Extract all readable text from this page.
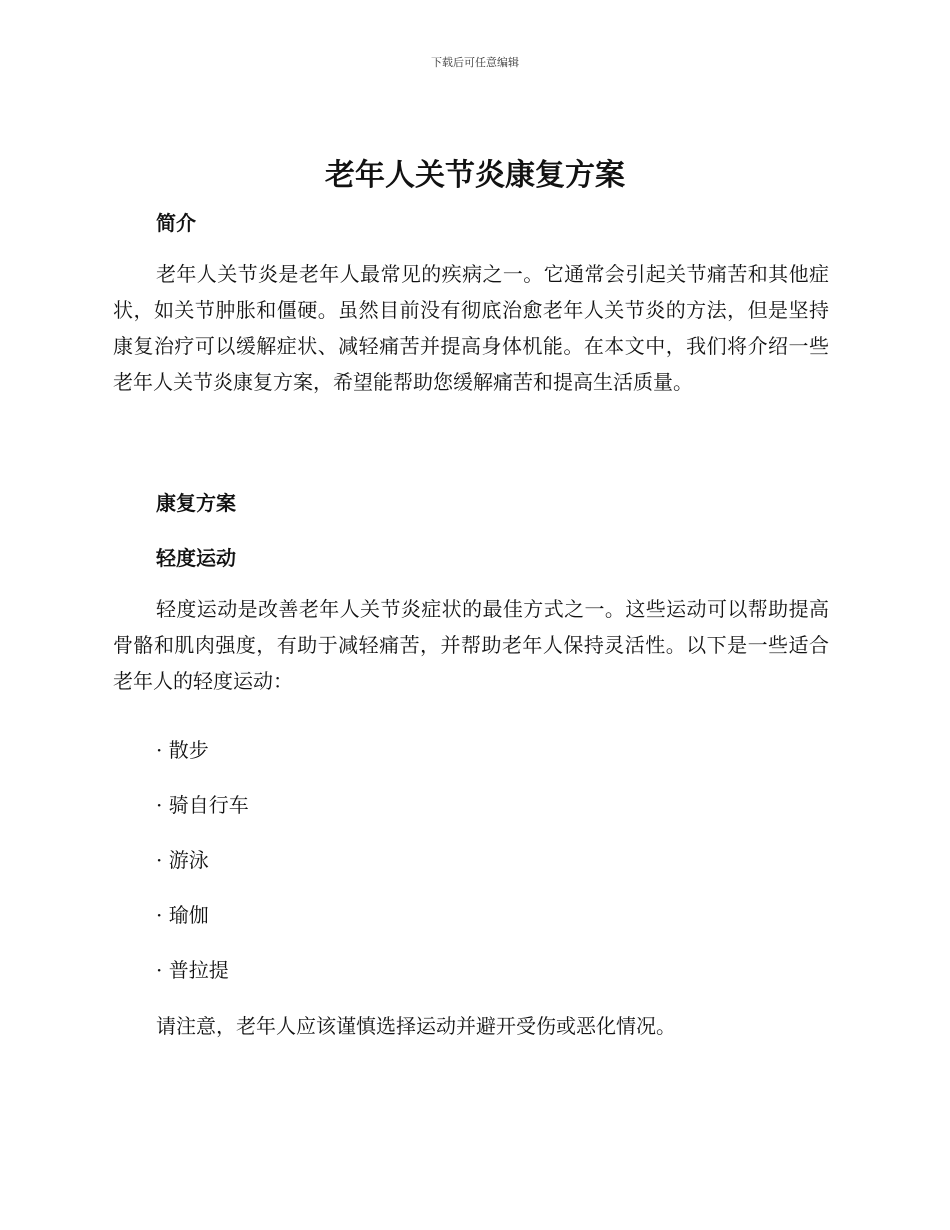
下载后可任意编辑
老年人关节炎康复方案
简介

老年人关节炎是老年人最常见的疾病之一。它通常会引起关节痛苦和其他症状，如关节肿胀和僵硬。虽然目前没有彻底治愈老年人关节炎的方法，但是坚持康复治疗可以缓解症状、减轻痛苦并提高身体机能。在本文中，我们将介绍一些老年人关节炎康复方案，希望能帮助您缓解痛苦和提高生活质量。

康复方案
轻度运动

轻度运动是改善老年人关节炎症状的最佳方式之一。这些运动可以帮助提高骨骼和肌肉强度，有助于减轻痛苦，并帮助老年人保持灵活性。以下是一些适合老年人的轻度运动：

· 散步

· 骑自行车

· 游泳

· 瑜伽

· 普拉提

请注意，老年人应该谨慎选择运动并避开受伤或恶化情况。
